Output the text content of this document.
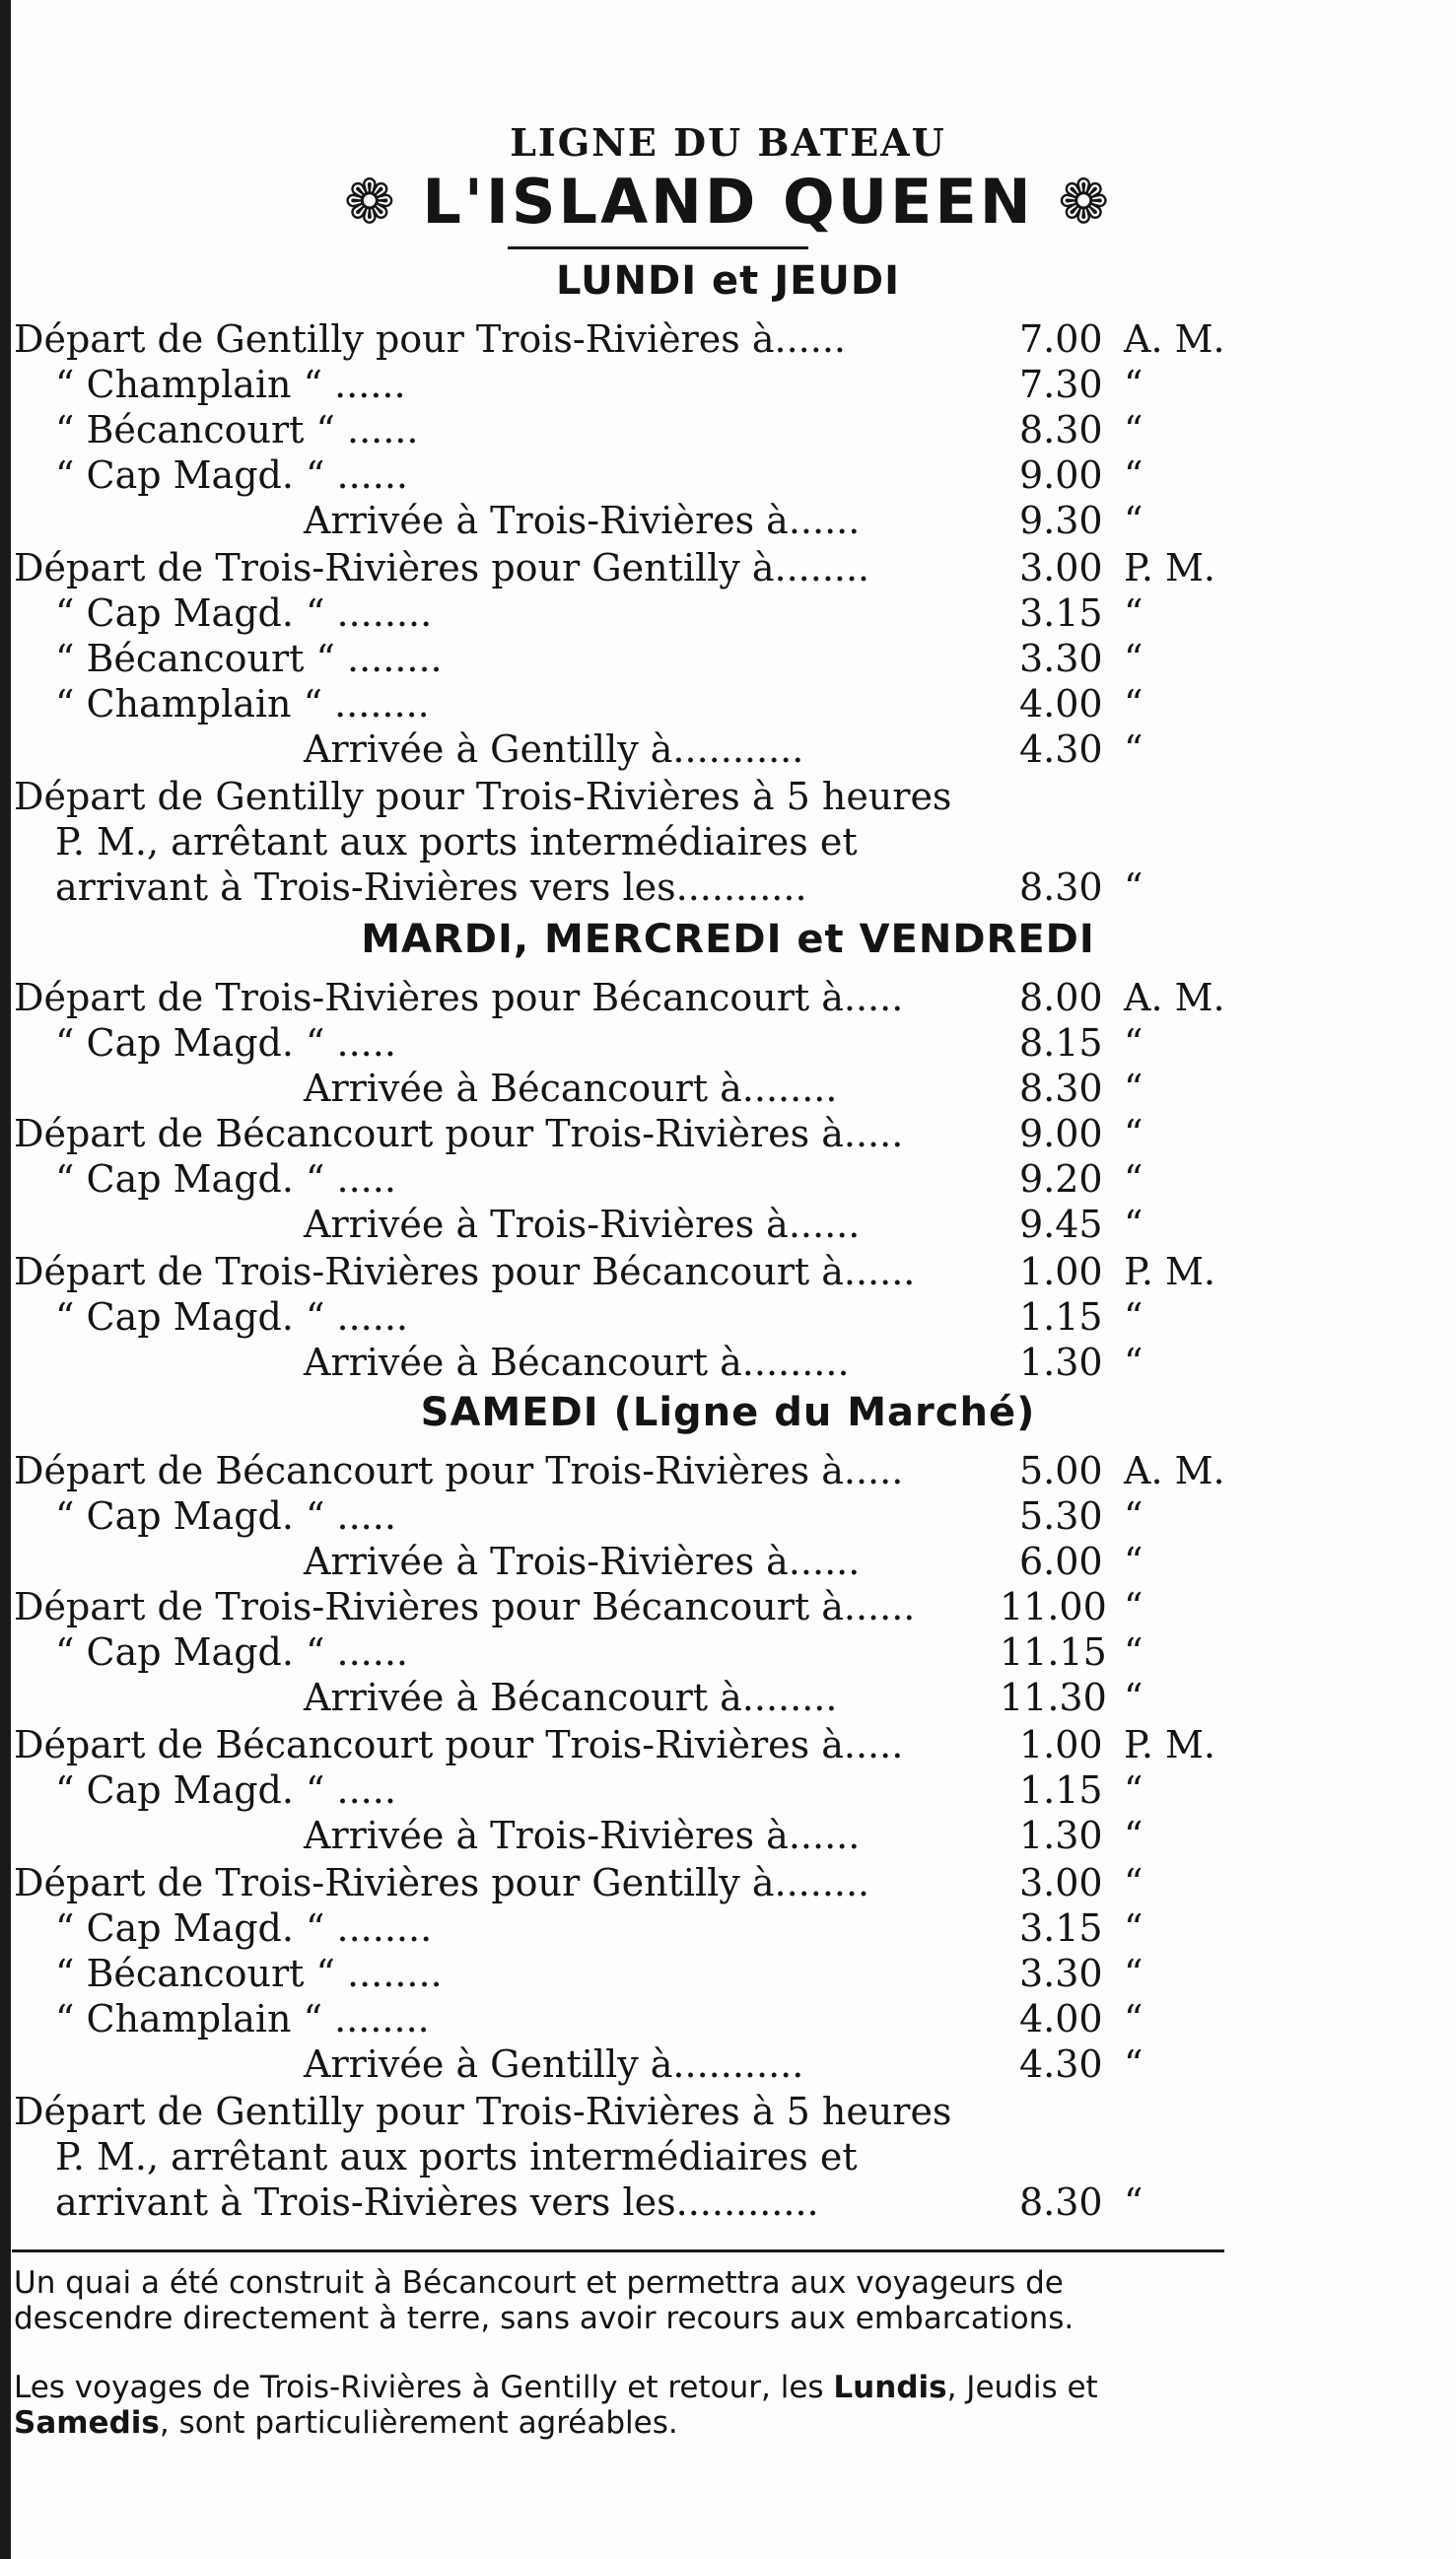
LIGNE DU BATEAU
❁ L'ISLAND QUEEN ❁
LUNDI et JEUDI
Départ de Gentilly pour Trois-Rivières à......	7.00 A. M.
“ Champlain “ ......	7.30 “
“ Bécancourt “ ......	8.30 “
“ Cap Magd. “ ......	9.00 “
Arrivée à Trois-Rivières à......	9.30 “
Départ de Trois-Rivières pour Gentilly à........	3.00 P. M.
“ Cap Magd. “ ........	3.15 “
“ Bécancourt “ ........	3.30 “
“ Champlain “ ........	4.00 “
Arrivée à Gentilly à...........	4.30 “
Départ de Gentilly pour Trois-Rivières à 5 heures
P. M., arrêtant aux ports intermédiaires et
arrivant à Trois-Rivières vers les...........	8.30 “
MARDI, MERCREDI et VENDREDI
Départ de Trois-Rivières pour Bécancourt à.....	8.00 A. M.
“ Cap Magd. “ .....	8.15 “
Arrivée à Bécancourt à........	8.30 “
Départ de Bécancourt pour Trois-Rivières à.....	9.00 “
“ Cap Magd. “ .....	9.20 “
Arrivée à Trois-Rivières à......	9.45 “
Départ de Trois-Rivières pour Bécancourt à......	1.00 P. M.
“ Cap Magd. “ ......	1.15 “
Arrivée à Bécancourt à.........	1.30 “
SAMEDI (Ligne du Marché)
Départ de Bécancourt pour Trois-Rivières à.....	5.00 A. M.
“ Cap Magd. “ .....	5.30 “
Arrivée à Trois-Rivières à......	6.00 “
Départ de Trois-Rivières pour Bécancourt à...... 11.00 “
“ Cap Magd. “ ......	11.15 “
Arrivée à Bécancourt à........	11.30 “
Départ de Bécancourt pour Trois-Rivières à.....	1.00 P. M.
“ Cap Magd. “ .....	1.15 “
Arrivée à Trois-Rivières à......	1.30 “
Départ de Trois-Rivières pour Gentilly à........	3.00 “
“ Cap Magd. “ ........	3.15 “
“ Bécancourt “ ........	3.30 “
“ Champlain “ ........	4.00 “
Arrivée à Gentilly à...........	4.30 “
Départ de Gentilly pour Trois-Rivières à 5 heures
P. M., arrêtant aux ports intermédiaires et
arrivant à Trois-Rivières vers les............	8.30 “
Un quai a été construit à Bécancourt et permettra aux voyageurs de descendre directement à terre, sans avoir recours aux embarcations.
Les voyages de Trois-Rivières à Gentilly et retour, les Lundis, Jeudis et Samedis, sont particulièrement agréables.
